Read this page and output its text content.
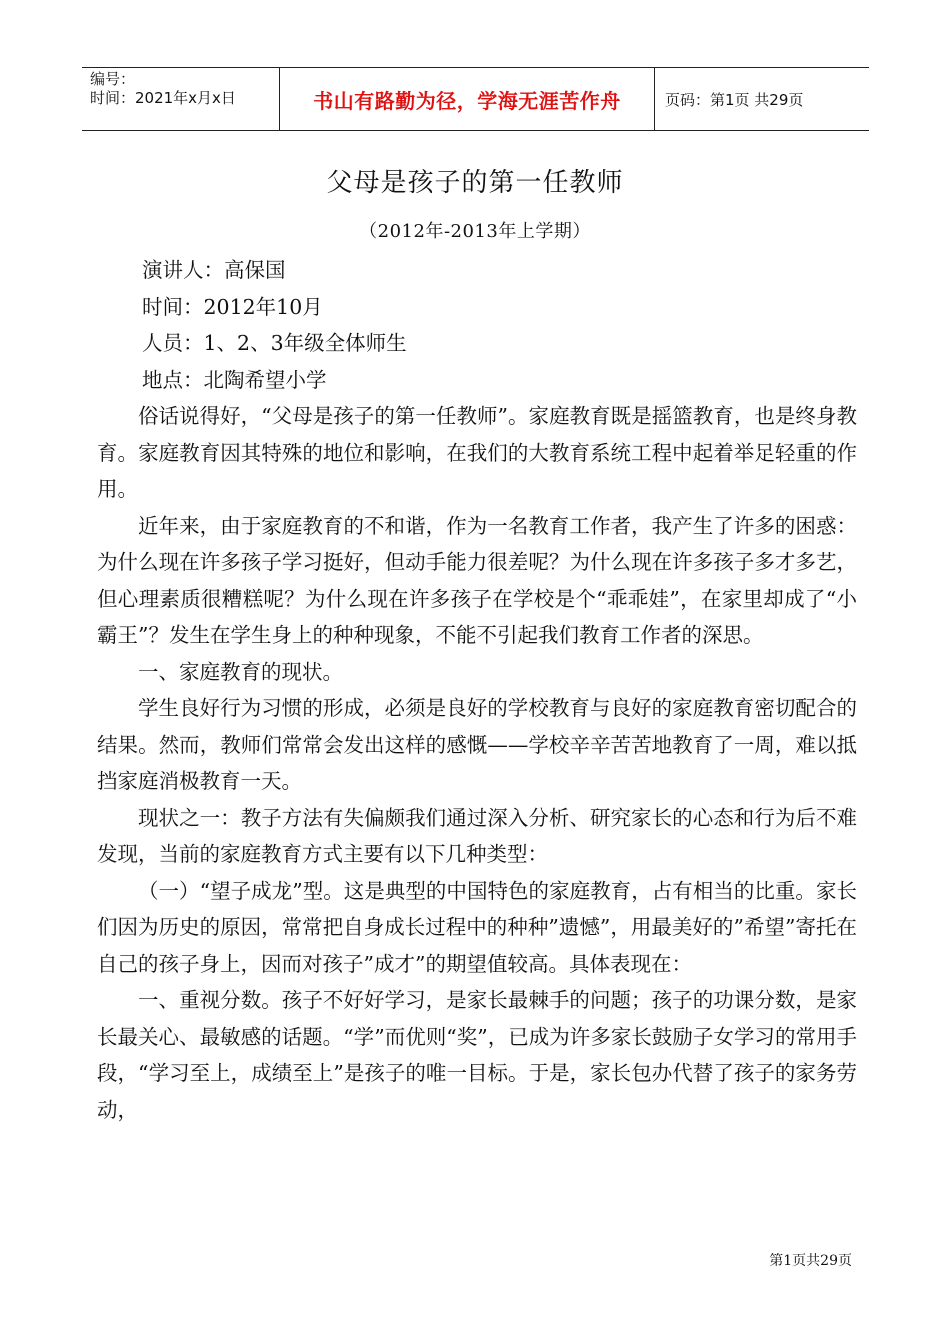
编号：
时间：2021年x月x日	书山有路勤为径，学海无涯苦作舟	页码：第1页 共29页
父母是孩子的第一任教师
（2012年-2013年上学期）

演讲人：高保国

时间：2012年10月

人员：1、2、3年级全体师生

地点：北陶希望小学

俗话说得好，“父母是孩子的第一任教师”。家庭教育既是摇篮教育，也是终身教育。家庭教育因其特殊的地位和影响，在我们的大教育系统工程中起着举足轻重的作用。

近年来，由于家庭教育的不和谐，作为一名教育工作者，我产生了许多的困惑：为什么现在许多孩子学习挺好，但动手能力很差呢？为什么现在许多孩子多才多艺，但心理素质很糟糕呢？为什么现在许多孩子在学校是个“乖乖娃”，在家里却成了“小霸王”？发生在学生身上的种种现象，不能不引起我们教育工作者的深思。

一、家庭教育的现状。

学生良好行为习惯的形成，必须是良好的学校教育与良好的家庭教育密切配合的结果。然而，教师们常常会发出这样的感慨——学校辛辛苦苦地教育了一周，难以抵挡家庭消极教育一天。

现状之一：教子方法有失偏颇我们通过深入分析、研究家长的心态和行为后不难发现，当前的家庭教育方式主要有以下几种类型：

（一）“望子成龙”型。这是典型的中国特色的家庭教育，占有相当的比重。家长们因为历史的原因，常常把自身成长过程中的种种”遗憾”，用最美好的”希望”寄托在自己的孩子身上，因而对孩子”成才”的期望值较高。具体表现在：

一、重视分数。孩子不好好学习，是家长最棘手的问题；孩子的功课分数，是家长最关心、最敏感的话题。“学”而优则“奖”，已成为许多家长鼓励子女学习的常用手段，“学习至上，成绩至上”是孩子的唯一目标。于是，家长包办代替了孩子的家务劳动，

第1页共29页
